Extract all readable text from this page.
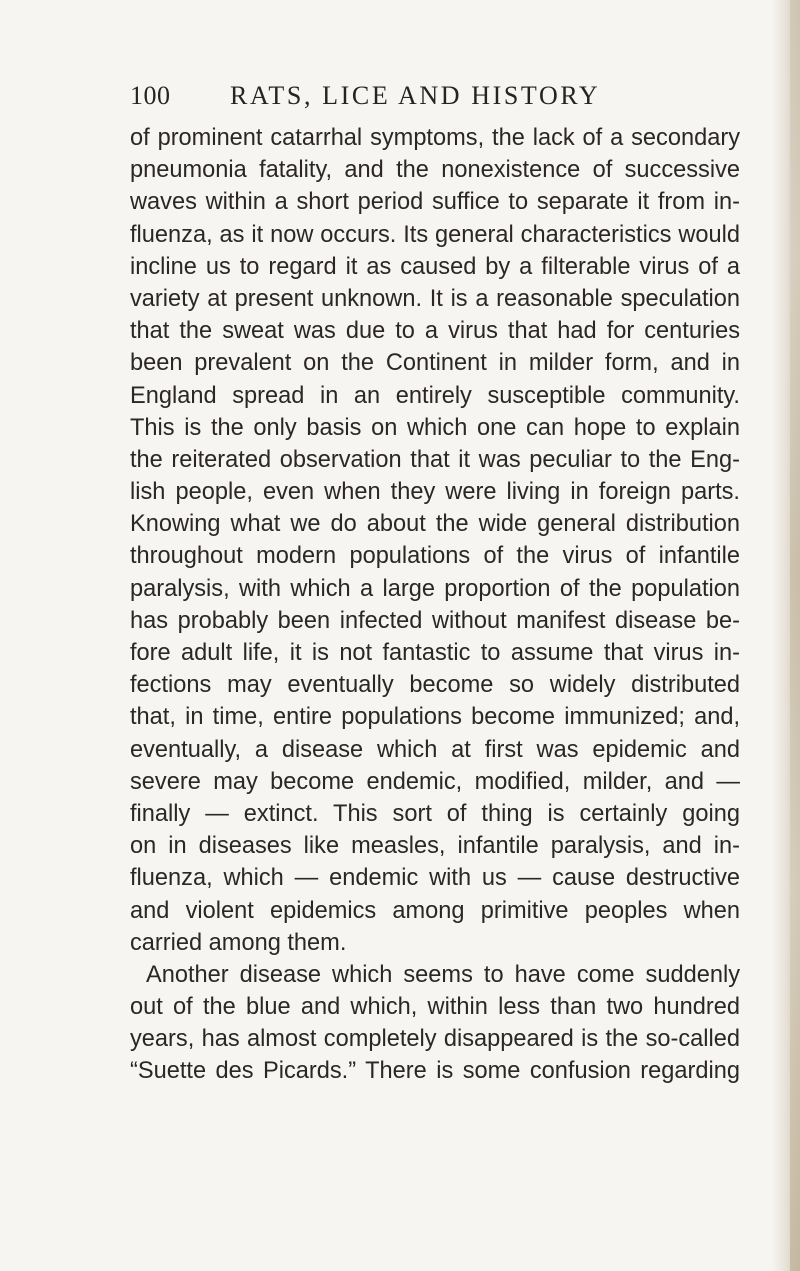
100 RATS, LICE AND HISTORY
of prominent catarrhal symptoms, the lack of a secondary
pneumonia fatality, and the nonexistence of successive
waves within a short period suffice to separate it from in-
fluenza, as it now occurs. Its general characteristics would
incline us to regard it as caused by a filterable virus of a
variety at present unknown. It is a reasonable speculation
that the sweat was due to a virus that had for centuries
been prevalent on the Continent in milder form, and in
England spread in an entirely susceptible community.
This is the only basis on which one can hope to explain
the reiterated observation that it was peculiar to the Eng-
lish people, even when they were living in foreign parts.
Knowing what we do about the wide general distribution
throughout modern populations of the virus of infantile
paralysis, with which a large proportion of the population
has probably been infected without manifest disease be-
fore adult life, it is not fantastic to assume that virus in-
fections may eventually become so widely distributed
that, in time, entire populations become immunized; and,
eventually, a disease which at first was epidemic and
severe may become endemic, modified, milder, and —
finally — extinct. This sort of thing is certainly going
on in diseases like measles, infantile paralysis, and in-
fluenza, which — endemic with us — cause destructive
and violent epidemics among primitive peoples when
carried among them.
Another disease which seems to have come suddenly
out of the blue and which, within less than two hundred
years, has almost completely disappeared is the so-called
“Suette des Picards.” There is some confusion regarding
